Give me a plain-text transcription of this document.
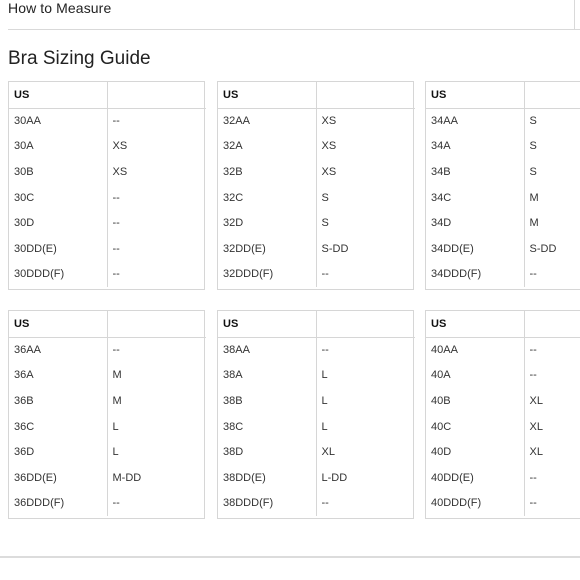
How to Measure
Bra Sizing Guide
US	
30AA	--
30A	XS
30B	XS
30C	--
30D	--
30DD(E)	--
30DDD(F)	--
US	
32AA	XS
32A	XS
32B	XS
32C	S
32D	S
32DD(E)	S-DD
32DDD(F)	--
US	
34AA	S
34A	S
34B	S
34C	M
34D	M
34DD(E)	S-DD
34DDD(F)	--
US	
36AA	--
36A	M
36B	M
36C	L
36D	L
36DD(E)	M-DD
36DDD(F)	--
US	
38AA	--
38A	L
38B	L
38C	L
38D	XL
38DD(E)	L-DD
38DDD(F)	--
US	
40AA	--
40A	--
40B	XL
40C	XL
40D	XL
40DD(E)	--
40DDD(F)	--
